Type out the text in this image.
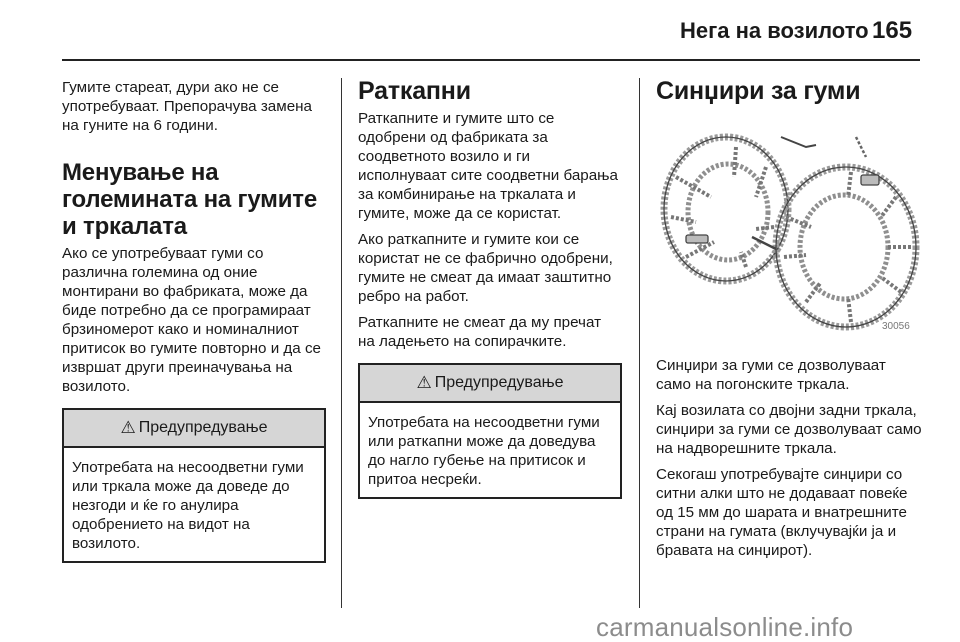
Нега на возилото 165

Гумите стареат, дури ако не се употребуваат. Препорачува замена на гуните на 6 години.

Менување на големината на гумите и тркалата

Ако се употребуваат гуми со различна големина од оние монтирани во фабриката, може да биде потребно да се програмираат брзиномерот како и номиналниот притисок во гумите повторно и да се извршат други преиначувања на возилото.

⚠ Предупредување
Употребата на несоодветни гуми или тркала може да доведе до незгоди и ќе го анулира одобрението на видот на возилото.
Раткапни

Раткапните и гумите што се одобрени од фабриката за соодветното возило и ги исполнуваат сите соодветни барања за комбинирање на тркалата и гумите, може да се користат.

Ако раткапните и гумите кои се користат не се фабрично одобрени, гумите не смеат да имаат заштитно ребро на работ.

Раткапните не смеат да му пречат на ладењето на сопирачките.

⚠ Предупредување
Употребата на несоодветни гуми или раткапни може да доведува до нагло губење на притисок и притоа несреќи.
Синџири за гуми
30056

Синџири за гуми се дозволуваат само на погонските тркала.

Кај возилата со двојни задни тркала, синџири за гуми се дозволуваат само на надворешните тркала.

Секогаш употребувајте синџири со ситни алки што не додаваат повеќе од 15 мм до шарата и внатрешните страни на гумата (вклучувајќи ја и бравата на синџирот).

carmanualsonline.info
